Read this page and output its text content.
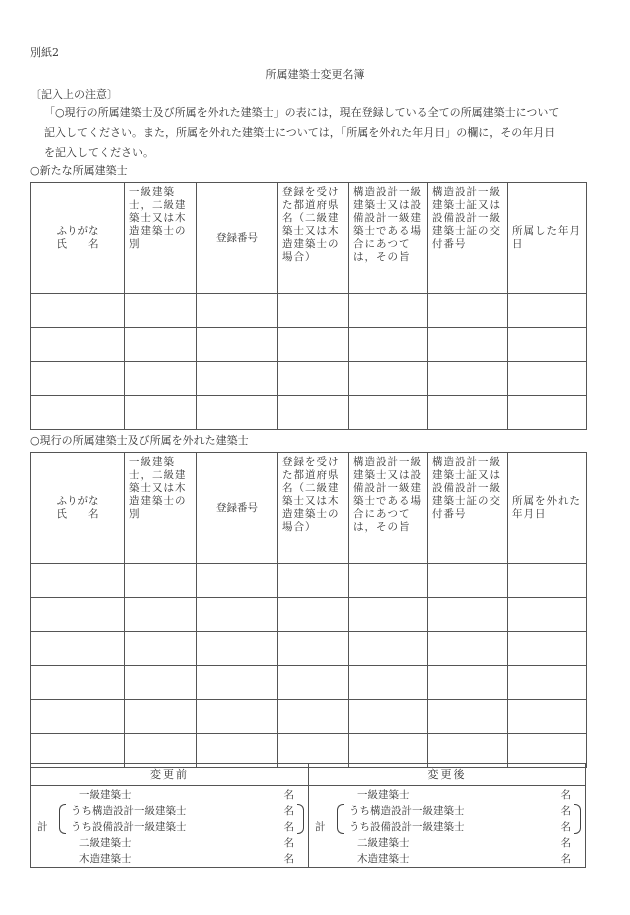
別紙2
所属建築士変更名簿
〔記入上の注意〕
「○現行の所属建築士及び所属を外れた建築士」の表には，現在登録している全ての所属建築士について
記入してください。また，所属を外れた建築士については，「所属を外れた年月日」の欄に，その年月日
を記入してください。
○新たな所属建築士
ふりがな
氏　　名	一級建築士，二級建築士又は木造建築士の別	登録番号	登録を受けた都道府県名（二級建築士又は木造建築士の場合）	構造設計一級建築士又は設備設計一級建築士である場合にあつては，その旨	構造設計一級建築士証又は設備設計一級建築士証の交付番号	所属した年月日

○現行の所属建築士及び所属を外れた建築士
ふりがな
氏　　名	一級建築士，二級建築士又は木造建築士の別	登録番号	登録を受けた都道府県名（二級建築士又は木造建築士の場合）	構造設計一級建築士又は設備設計一級建築士である場合にあつては，その旨	構造設計一級建築士証又は設備設計一級建築士証の交付番号	所属を外れた年月日

変更前
計
一級建築士	名
うち構造設計一級建築士	名
うち設備設計一級建築士	名
二級建築士	名
木造建築士	名
変更後
計
一級建築士	名
うち構造設計一級建築士	名
うち設備設計一級建築士	名
二級建築士	名
木造建築士	名
